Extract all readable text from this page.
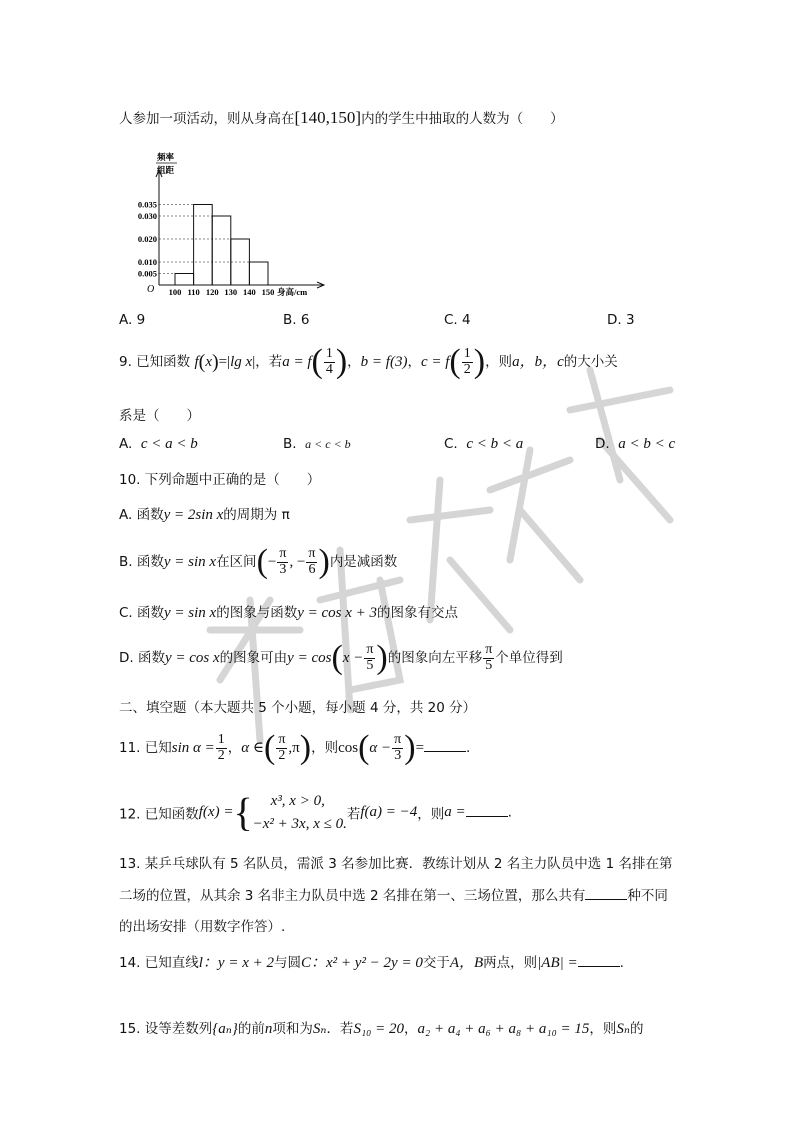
人参加一项活动，则从身高在[140,150]内的学生中抽取的人数为（　　）
频率
组距
O
0.035
0.030
0.020
0.010
0.005
100 110 120 130 140 150 身高/cm
A. 9	B. 6	C. 4	D. 3
9. 已知函数 f(x)=|lg x|，若$a = f( \frac{1}{4}$ )，b = f(3)，$c = f( \frac{1}{2}$ )，则a，b，c的大小关
系是（　　）
A. c < a < b	B. a < c < b	C. c < b < a	D. a < b < c
10. 下列命题中正确的是（　　）
A. 函数y = 2sin x的周期为 π
B. 函数y = sin x在区间(− $\frac{\pi}{3}$ , − $\frac{\pi}{6}$ )内是减函数
C. 函数y = sin x的图象与函数y = cos x + 3的图象有交点
D. 函数y = cos x的图象可由$y = \cos(x - \frac{\pi}{5}$ )的图象向左平移 $\frac{\pi}{5}$ 个单位得到
二、填空题（本大题共 5 个小题，每小题 4 分，共 20 分）
11. 已知$\sin \alpha = \frac{1}{2}$ ，α ∈( $\frac{\pi}{2} ,\pi$)，则$\cos(\alpha - \frac{\pi}{3}$ )=	.
12. 已知函数f(x) ={	x³, x > 0,
−x² + 3x, x ≤ 0.
若f(a) = −4，则a =	.
13. 某乒乓球队有 5 名队员，需派 3 名参加比赛．教练计划从 2 名主力队员中选 1 名排在第
二场的位置，从其余 3 名非主力队员中选 2 名排在第一、三场位置，那么共有	种不同
的出场安排（用数字作答）.
14. 已知直线l：y = x + 2与圆C：x² + y² − 2y = 0交于A，B两点，则|AB| =	.
15. 设等差数列{aₙ}的前n项和为Sₙ．若S₁₀ = 20，a₂ + a₄ + a₆ + a₈ + a₁₀ = 15，则Sₙ的
